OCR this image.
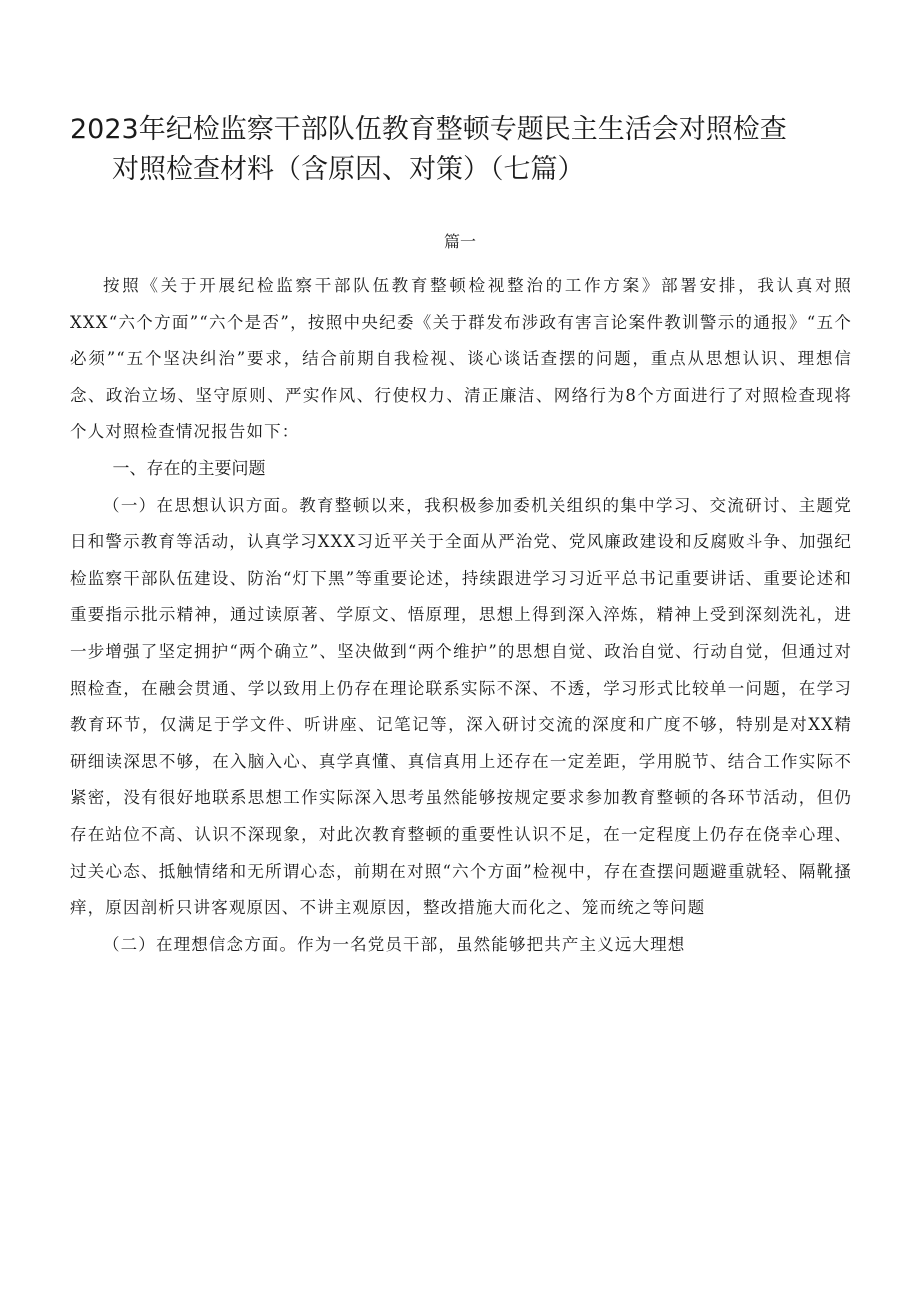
2023年纪检监察干部队伍教育整顿专题民主生活会对照检查
对照检查材料（含原因、对策）（七篇）
篇一

按照《关于开展纪检监察干部队伍教育整顿检视整治的工作方案》部署安排，我认真对照XXX“六个方面”“六个是否”，按照中央纪委《关于群发布涉政有害言论案件教训警示的通报》“五个必须”“五个坚决纠治”要求，结合前期自我检视、谈心谈话查摆的问题，重点从思想认识、理想信念、政治立场、坚守原则、严实作风、行使权力、清正廉洁、网络行为8个方面进行了对照检查现将个人对照检查情况报告如下：

一、存在的主要问题

（一）在思想认识方面。教育整顿以来，我积极参加委机关组织的集中学习、交流研讨、主题党日和警示教育等活动，认真学习XXX习近平关于全面从严治党、党风廉政建设和反腐败斗争、加强纪检监察干部队伍建设、防治“灯下黑”等重要论述，持续跟进学习习近平总书记重要讲话、重要论述和重要指示批示精神，通过读原著、学原文、悟原理，思想上得到深入淬炼，精神上受到深刻洗礼，进一步增强了坚定拥护“两个确立”、坚决做到“两个维护”的思想自觉、政治自觉、行动自觉，但通过对照检查，在融会贯通、学以致用上仍存在理论联系实际不深、不透，学习形式比较单一问题，在学习教育环节，仅满足于学文件、听讲座、记笔记等，深入研讨交流的深度和广度不够，特别是对XX精研细读深思不够，在入脑入心、真学真懂、真信真用上还存在一定差距，学用脱节、结合工作实际不紧密，没有很好地联系思想工作实际深入思考虽然能够按规定要求参加教育整顿的各环节活动，但仍存在站位不高、认识不深现象，对此次教育整顿的重要性认识不足，在一定程度上仍存在侥幸心理、过关心态、抵触情绪和无所谓心态，前期在对照“六个方面”检视中，存在查摆问题避重就轻、隔靴搔痒，原因剖析只讲客观原因、不讲主观原因，整改措施大而化之、笼而统之等问题

（二）在理想信念方面。作为一名党员干部，虽然能够把共产主义远大理想
